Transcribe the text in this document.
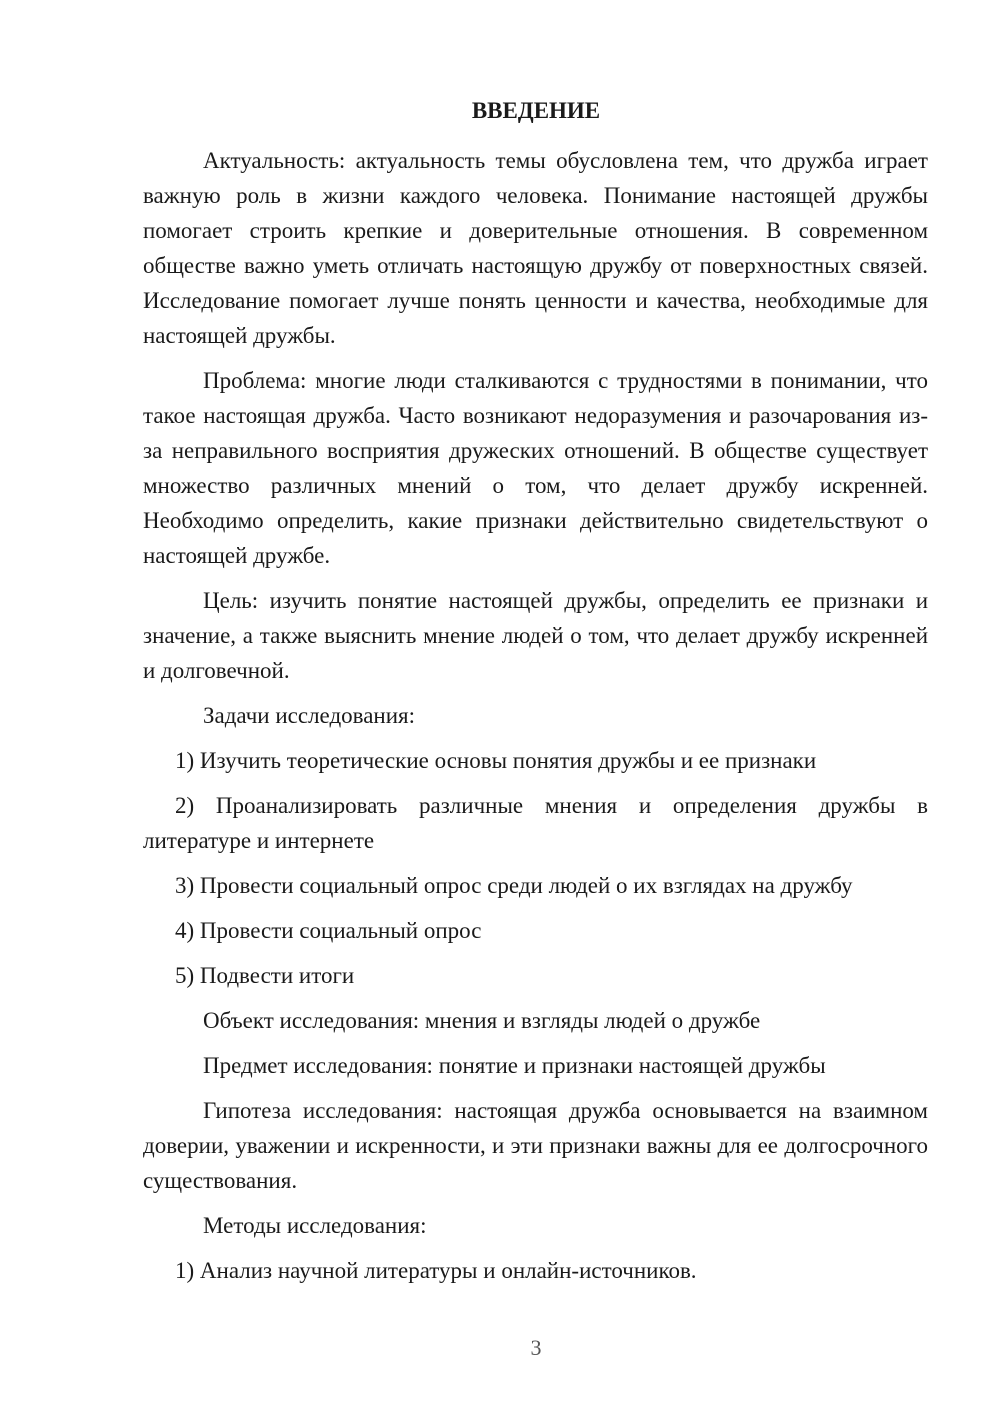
ВВЕДЕНИЕ

Актуальность: актуальность темы обусловлена тем, что дружба играет важную роль в жизни каждого человека. Понимание настоящей дружбы помогает строить крепкие и доверительные отношения. В современном обществе важно уметь отличать настоящую дружбу от поверхностных связей. Исследование помогает лучше понять ценности и качества, необходимые для настоящей дружбы.

Проблема: многие люди сталкиваются с трудностями в понимании, что такое настоящая дружба. Часто возникают недоразумения и разочарования из-за неправильного восприятия дружеских отношений. В обществе существует множество различных мнений о том, что делает дружбу искренней. Необходимо определить, какие признаки действительно свидетельствуют о настоящей дружбе.

Цель: изучить понятие настоящей дружбы, определить ее признаки и значение, а также выяснить мнение людей о том, что делает дружбу искренней и долговечной.

Задачи исследования:

1) Изучить теоретические основы понятия дружбы и ее признаки

2) Проанализировать различные мнения и определения дружбы в литературе и интернете

3) Провести социальный опрос среди людей о их взглядах на дружбу

4) Провести социальный опрос

5) Подвести итоги

Объект исследования: мнения и взгляды людей о дружбе

Предмет исследования: понятие и признаки настоящей дружбы

Гипотеза исследования: настоящая дружба основывается на взаимном доверии, уважении и искренности, и эти признаки важны для ее долгосрочного существования.

Методы исследования:

1) Анализ научной литературы и онлайн-источников.

3
